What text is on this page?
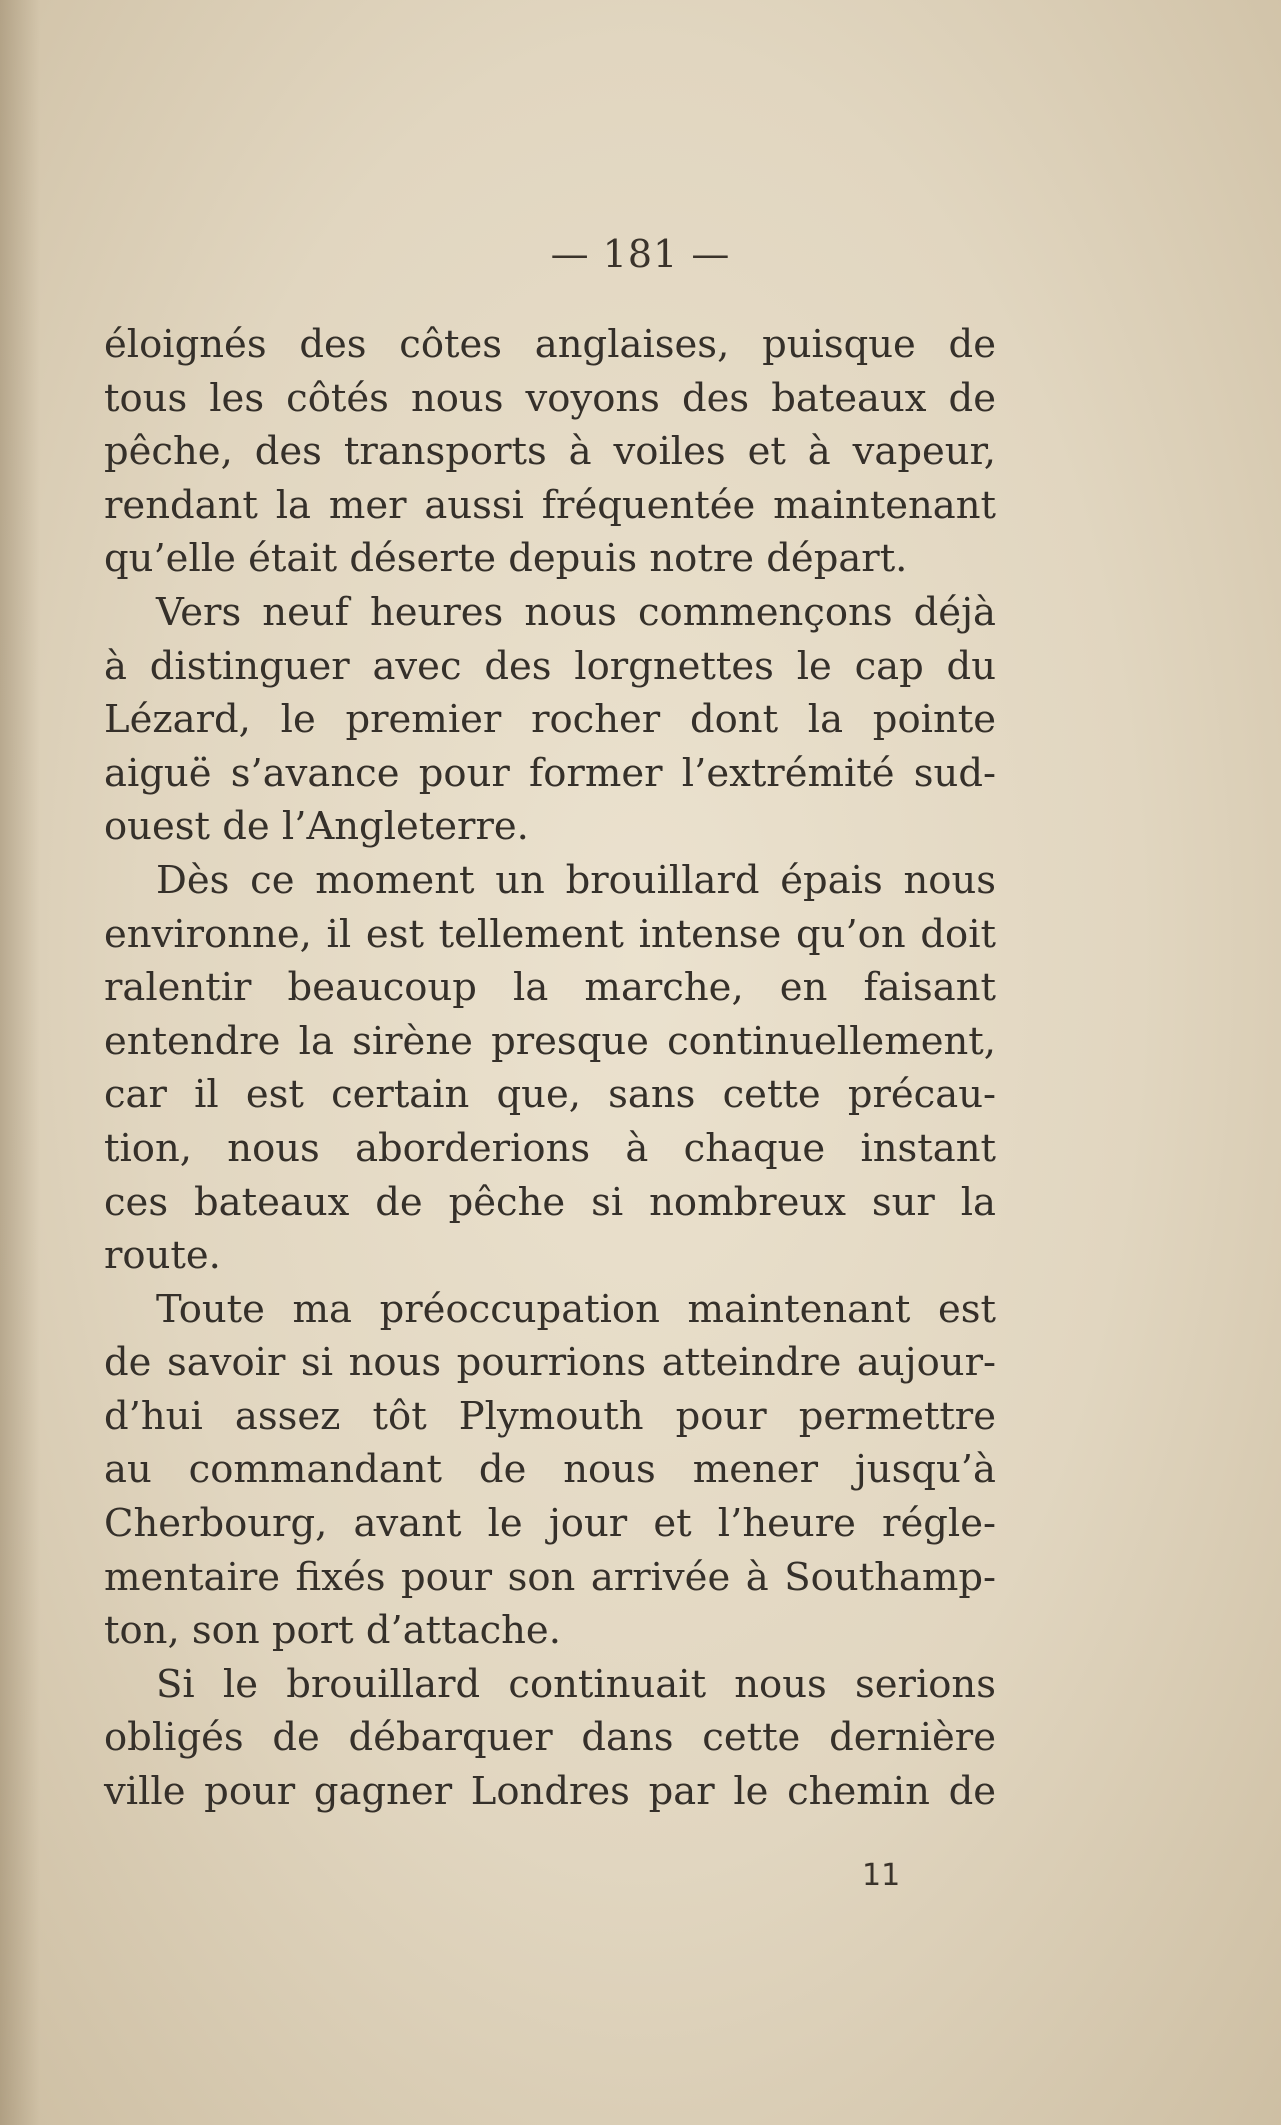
— 181 —
éloignés des côtes anglaises, puisque de
tous les côtés nous voyons des bateaux de
pêche, des transports à voiles et à vapeur,
rendant la mer aussi fréquentée maintenant
qu’elle était déserte depuis notre départ.
Vers neuf heures nous commençons déjà
à distinguer avec des lorgnettes le cap du
Lézard, le premier rocher dont la pointe
aiguë s’avance pour former l’extrémité sud-
ouest de l’Angleterre.
Dès ce moment un brouillard épais nous
environne, il est tellement intense qu’on doit
ralentir beaucoup la marche, en faisant
entendre la sirène presque continuellement,
car il est certain que, sans cette précau-
tion, nous aborderions à chaque instant
ces bateaux de pêche si nombreux sur la
route.
Toute ma préoccupation maintenant est
de savoir si nous pourrions atteindre aujour-
d’hui assez tôt Plymouth pour permettre
au commandant de nous mener jusqu’à
Cherbourg, avant le jour et l’heure régle-
mentaire fixés pour son arrivée à Southamp-
ton, son port d’attache.
Si le brouillard continuait nous serions
obligés de débarquer dans cette dernière
ville pour gagner Londres par le chemin de
11
